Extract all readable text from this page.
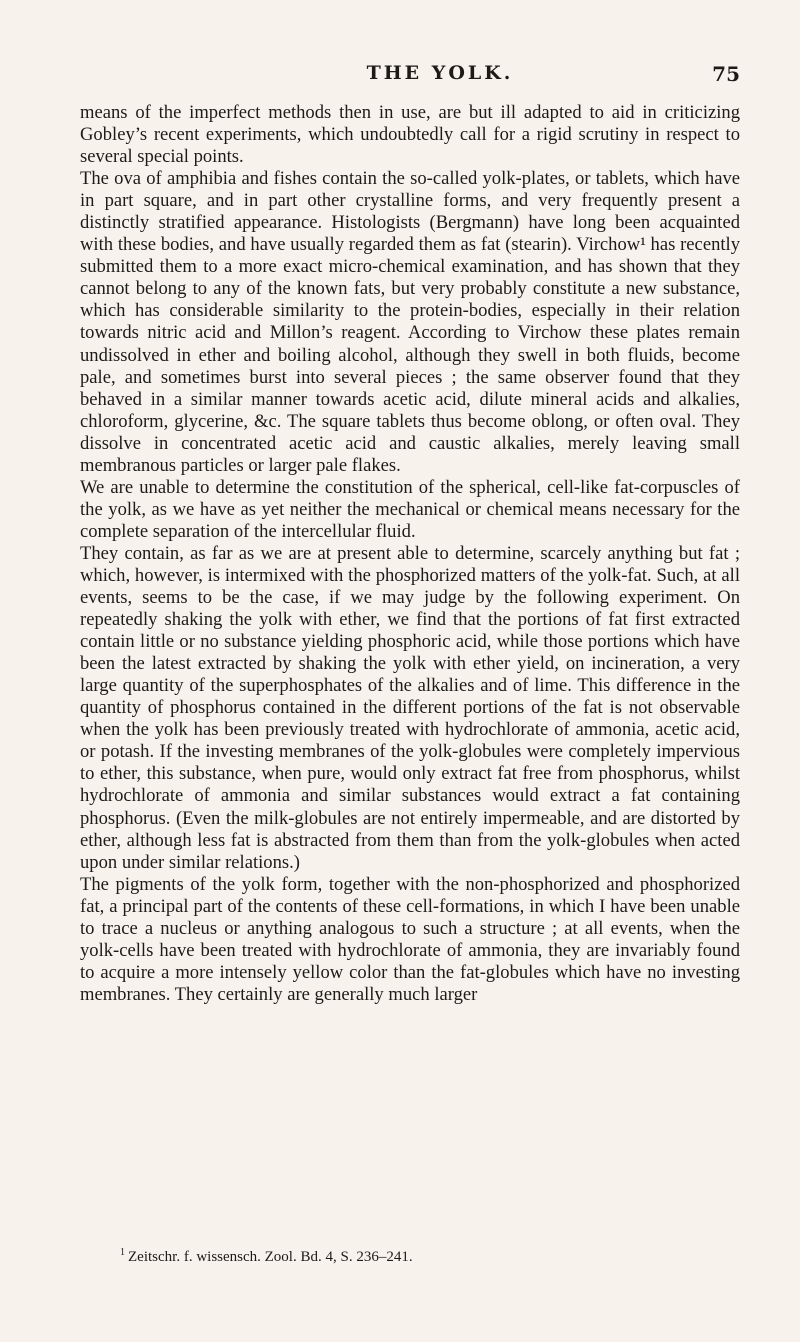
THE YOLK.	75

means of the imperfect methods then in use, are but ill adapted to aid in criticizing Gobley’s recent experiments, which undoubtedly call for a rigid scrutiny in respect to several special points.

The ova of amphibia and fishes contain the so-called yolk-plates, or tablets, which have in part square, and in part other crystalline forms, and very frequently present a distinctly stratified appearance. Histologists (Bergmann) have long been acquainted with these bodies, and have usually regarded them as fat (stearin). Virchow¹ has recently submitted them to a more exact micro-chemical examination, and has shown that they cannot belong to any of the known fats, but very probably constitute a new substance, which has considerable similarity to the protein-bodies, especially in their relation towards nitric acid and Millon’s reagent. According to Virchow these plates remain undissolved in ether and boiling alcohol, although they swell in both fluids, become pale, and sometimes burst into several pieces ; the same observer found that they behaved in a similar manner towards acetic acid, dilute mineral acids and alkalies, chloroform, glycerine, &c. The square tablets thus become oblong, or often oval. They dissolve in concentrated acetic acid and caustic alkalies, merely leaving small membranous particles or larger pale flakes.

We are unable to determine the constitution of the spherical, cell-like fat-corpuscles of the yolk, as we have as yet neither the mechanical or chemical means necessary for the complete separation of the intercellular fluid.

They contain, as far as we are at present able to determine, scarcely anything but fat ; which, however, is intermixed with the phosphorized matters of the yolk-fat. Such, at all events, seems to be the case, if we may judge by the following experiment. On repeatedly shaking the yolk with ether, we find that the portions of fat first extracted contain little or no substance yielding phosphoric acid, while those portions which have been the latest extracted by shaking the yolk with ether yield, on incineration, a very large quantity of the superphosphates of the alkalies and of lime. This difference in the quantity of phosphorus contained in the different portions of the fat is not observable when the yolk has been previously treated with hydrochlorate of ammonia, acetic acid, or potash. If the investing membranes of the yolk-globules were completely impervious to ether, this substance, when pure, would only extract fat free from phosphorus, whilst hydrochlorate of ammonia and similar substances would extract a fat containing phosphorus. (Even the milk-globules are not entirely impermeable, and are distorted by ether, although less fat is abstracted from them than from the yolk-globules when acted upon under similar relations.)

The pigments of the yolk form, together with the non-phosphorized and phosphorized fat, a principal part of the contents of these cell-formations, in which I have been unable to trace a nucleus or anything analogous to such a structure ; at all events, when the yolk-cells have been treated with hydrochlorate of ammonia, they are invariably found to acquire a more intensely yellow color than the fat-globules which have no investing membranes. They certainly are generally much larger

$^1$ Zeitschr. f. wissensch. Zool. Bd. 4, S. 236–241.
